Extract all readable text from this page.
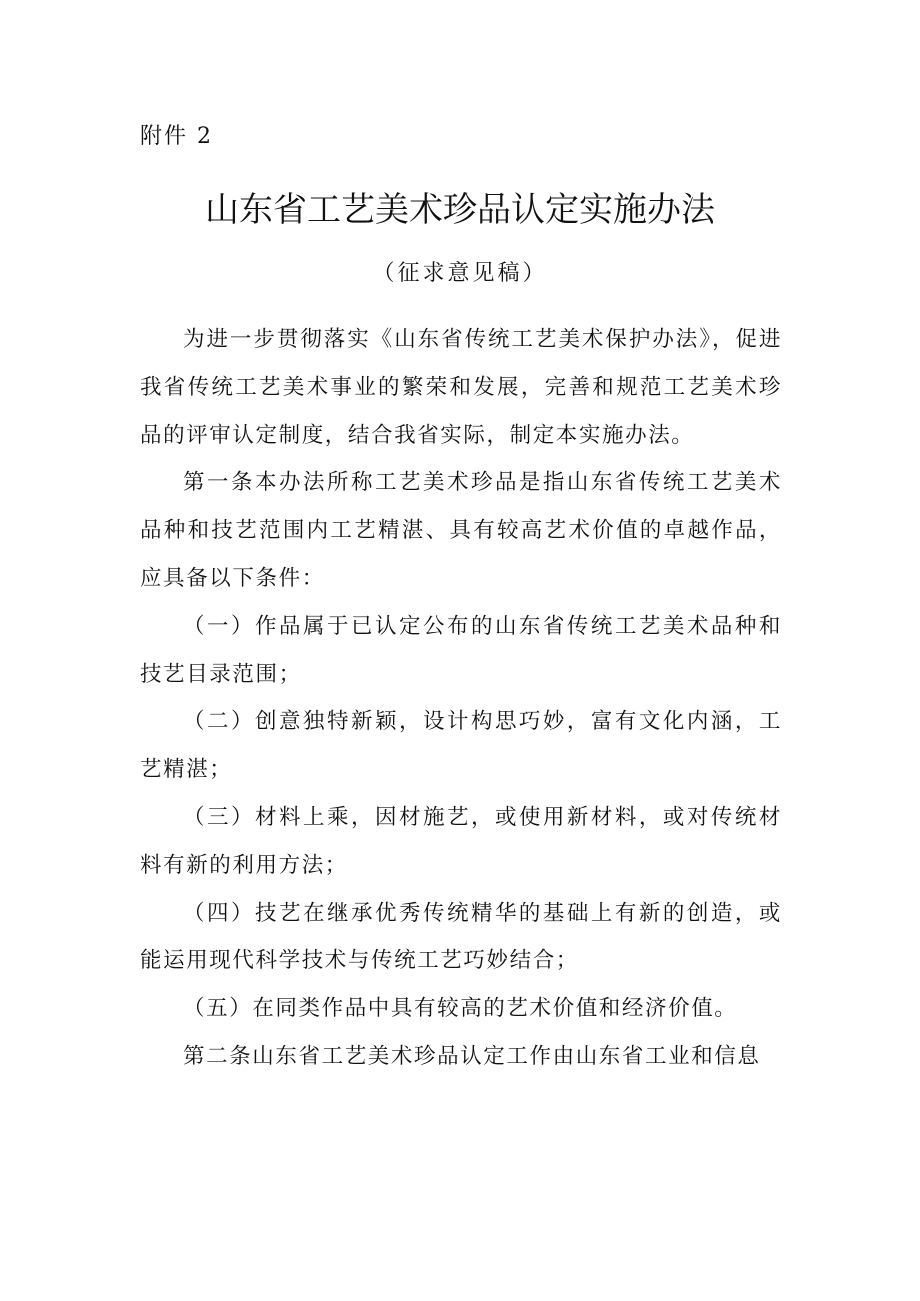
附件 2
山东省工艺美术珍品认定实施办法
（征求意见稿）

为进一步贯彻落实《山东省传统工艺美术保护办法》，促进我省传统工艺美术事业的繁荣和发展，完善和规范工艺美术珍品的评审认定制度，结合我省实际，制定本实施办法。

第一条本办法所称工艺美术珍品是指山东省传统工艺美术品种和技艺范围内工艺精湛、具有较高艺术价值的卓越作品，应具备以下条件：

（一）作品属于已认定公布的山东省传统工艺美术品种和技艺目录范围；

（二）创意独特新颖，设计构思巧妙，富有文化内涵，工艺精湛；

（三）材料上乘，因材施艺，或使用新材料，或对传统材料有新的利用方法；

（四）技艺在继承优秀传统精华的基础上有新的创造，或能运用现代科学技术与传统工艺巧妙结合；

（五）在同类作品中具有较高的艺术价值和经济价值。

第二条山东省工艺美术珍品认定工作由山东省工业和信息
